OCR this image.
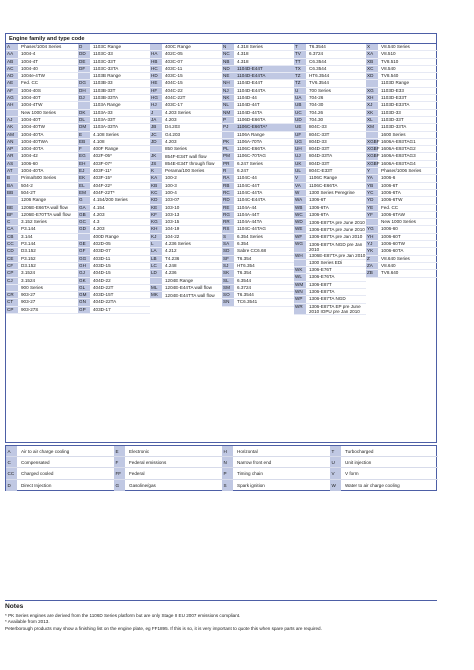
Engine family and type code
A	Phaser/1004 Series
AA	1004-4
AB	1004-4T
AC	1004-40
AD	1004e-4TW
AE	Fed. CC
AF	1004-40S
AG	1004-40T
AH	1004-4TW
New 1000 Series
AJ	1004-40T
AK	1004-40TW
AM	1004-40TA
AN	1004-40TWA
AP	1004-40TA
AR	1004-42
AS	1006-60
AT	1004-40TA
B	Prima/500 Series
BA	504-2
BB	504-2T
1206 Range
BE	1206E-E66TA wall flow
BF	1206E-E70TTA wall flow
C	3.152 Series
CA	P3.144
CB	3.144
CC	P3.144
CD	D3.152
CE	P3.152
CF	D3.152
CP	3.1524
CJ	3.1524
900 Series
CR	903-27
CT	903-27
CP	903-27S
D	1103C Range
DD	1103C-33
DE	1103C-33T
DF	1103C-33TA
1103B Range
DG	1103B-33
DH	1103B-33T
DJ	1103B-33TA
1103A Range
DK	1103A-33
DL	1103A-33T
DM	1103A-33TA
E	4.108 Series
EB	4.108
F	400F Range
EG	402F-05*
EH	403F-07*
EJ	403F-11*
EK	403F-15*
EL	404F-22*
EM	404F-22T*
G	4.154/200 Series
GA	4.154
GB	4.203
GC	4.3
GD	4.203
400D Range
GE	402D-05
GF	403D-07
GG	403D-11
GH	403D-15
GJ	404D-15
GK	404D-22
GL	404D-22T
GM	403D-15T
GN	404D-22TA
GP	403D-17
400C Range
HA	402C-05
HB	403C-07
HC	403C-11
HD	403C-15
HE	404C-15
HF	404C-22
HG	404C-22T
HJ	403C-17
J	4.203 Series
JA	4.203
JB	D4.203
JC	G4.203
JD	4.203
850 Series
JK	854F-E34T wall flow
JS	854E-E34T through flow
K	Perama/100 Series
KA	100-2
KB	100-3
KC	100-4
KD	103-07
KE	103-10
KF	103-13
KG	103-15
KH	104-19
KJ	104-22
L	4.236 Series
LA	4.212
LB	T4.236
LC	4.248
LD	4.236
1204E Range
ML	1204E-E44TA wall flow
MK	1204E-E44TTA wall flow
N	4.318 Series
NC	4.318
NB	4.318
ND	1104D-E44T
NE	1104D-E44TA
NH	1104D-E44T
NJ	1104D-E44TA
NK	1104D-44
NL	1104D-44T
NM	1104D-44TA
P	1106D-E66TA
PJ	1106C-E66TA*
1106A Range
PK	1106A-70TA
PL	1106C-E66TA
PM	1106C-70TAG
PR	6.247 Series
R	6.247
RA	1104C-44
RB	1104C-44T
RC	1104C-44TA
RD	1104C-E44TA
RE	1104A-44
RG	1104A-44T
RR	1104A-44TA
RS	1104C-44TAG
S	6.354 Series
SA	6.354
SD	Sabre CC6.68
SF	T6.354
SJ	HT6.354
SK	T6.354
SL	6.3544
SM	6.3724
SO	T6.3544
SN	TC6.3541
T	T6.3544
TV	6.3724
TT	C6.3544
TX	C6.3544
TZ	HT6.3544
TZ	TV6.3544
U	700 Series
UA	704-26
UB	704-30
UC	704.26
UD	704.30
UE	804C-33
UF	804C-33T
UG	804D-33
UH	804D-33T
UJ	804D-33TA
UK	804D-33T
UL	804C-E33T
V	1106C Range
VA	1106C-E66TA
W	1300 Series Peregrine
WA	1306-6T
WB	1306-6TA
WC	1306-6TA
WD	1306-E87TA pre June 2010
WE	1306-E87TA pre June 2010
WF	1306-E87TA pre Jan 2010
WG	1306-E87TA NGD pre Jan 2010
WH	1306E-E87TA pre Jan 2010
1300 Series EDi
WK	1306-E76T
WL	1306-E76TA
WM	1306-E87T
WN	1306-E87TA
WP	1306-E87TA NGD
WR	1306-E87TA EP pre June 2010 IOPU pre Jan 2010
X	V8.540 Series
XA	V8.510
XB	TV8.510
XC	V8.540
XD	TV8.540
1103D Range
XG	1103D-E33
XH	1103D-E33T
XJ	1103D-E33TA
XK	1103D-33
XL	1103D-33T
XM	1103D-33TA
1600 Series
XGBF 1606A-E93TAG1
XGBF 1606A-E93TAG2
XGBF 1606A-E93TAG3
XGBF 1606A-E93TAG4
Y	Phaser/1006 Series
YA	1006-6
YB	1006-6T
YC	1006-6TA
YD	1006-6TW
YE	Fed. CC
YF	1006-6TAW
New 1000 Series
YG	1006-60
YH	1006-60T
YJ	1006-60TW
YK	1006-60TA
Z	V8.640 Series
ZA	V8.640
ZB	TV8.640
A	Air to air charge cooling
C	Compensated
CC	Charged cooled
D	Direct Injection
E	Electronic
F	Federal emissions
FF	Federal
G	Gasoline/gas
H	Horizontal
N	Narrow front end
P	Timing chain
S	Spark ignition
T	Turbocharged
U	Unit injection
V	V form
W	Water to air charge cooling
Notes
* PK Series engines are derived from the 1106D Series platform but are only Stage II EU 2007 emissions compliant.
* Available from 2013.
Peterborough products may show a finishing list on the engine plate, eg FF1895. If this is so, it is very important to quote this when spare parts are required.
